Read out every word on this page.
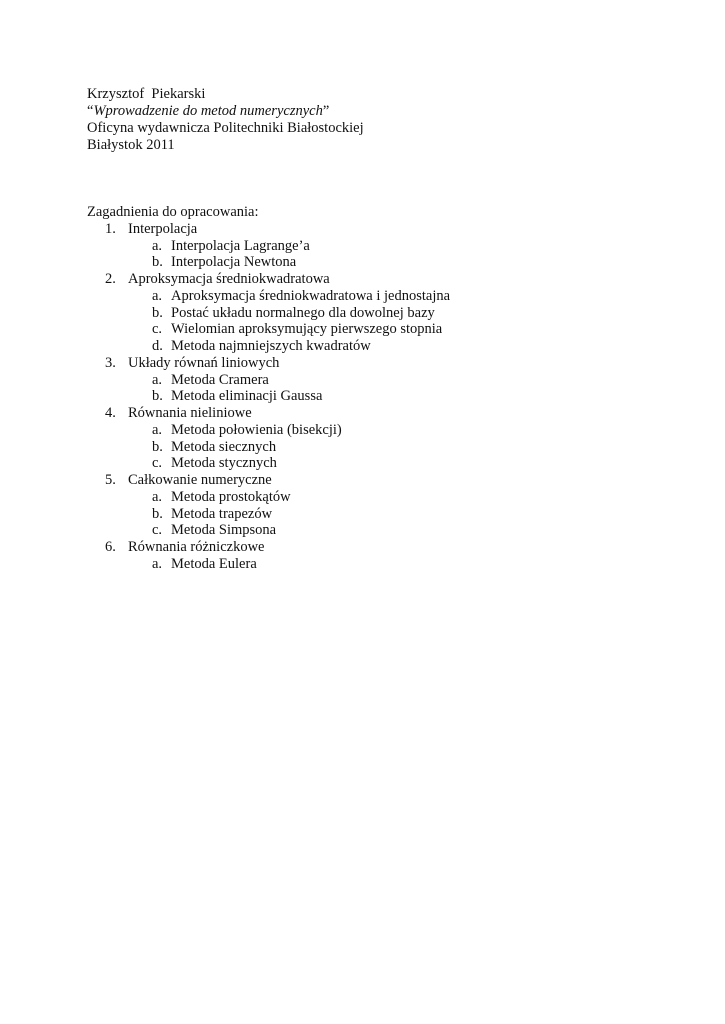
Krzysztof  Piekarski
“Wprowadzenie do metod numerycznych”
Oficyna wydawnicza Politechniki Białostockiej
Białystok 2011
Zagadnienia do opracowania:
1. Interpolacja
a. Interpolacja Lagrange’a
b. Interpolacja Newtona
2. Aproksymacja średniokwadratowa
a. Aproksymacja średniokwadratowa i jednostajna
b. Postać układu normalnego dla dowolnej bazy
c. Wielomian aproksymujący pierwszego stopnia
d. Metoda najmniejszych kwadratów
3. Układy równań liniowych
a. Metoda Cramera
b. Metoda eliminacji Gaussa
4. Równania nieliniowe
a. Metoda połowienia (bisekcji)
b. Metoda siecznych
c. Metoda stycznych
5. Całkowanie numeryczne
a. Metoda prostokątów
b. Metoda trapezów
c. Metoda Simpsona
6. Równania różniczkowe
a. Metoda Eulera
